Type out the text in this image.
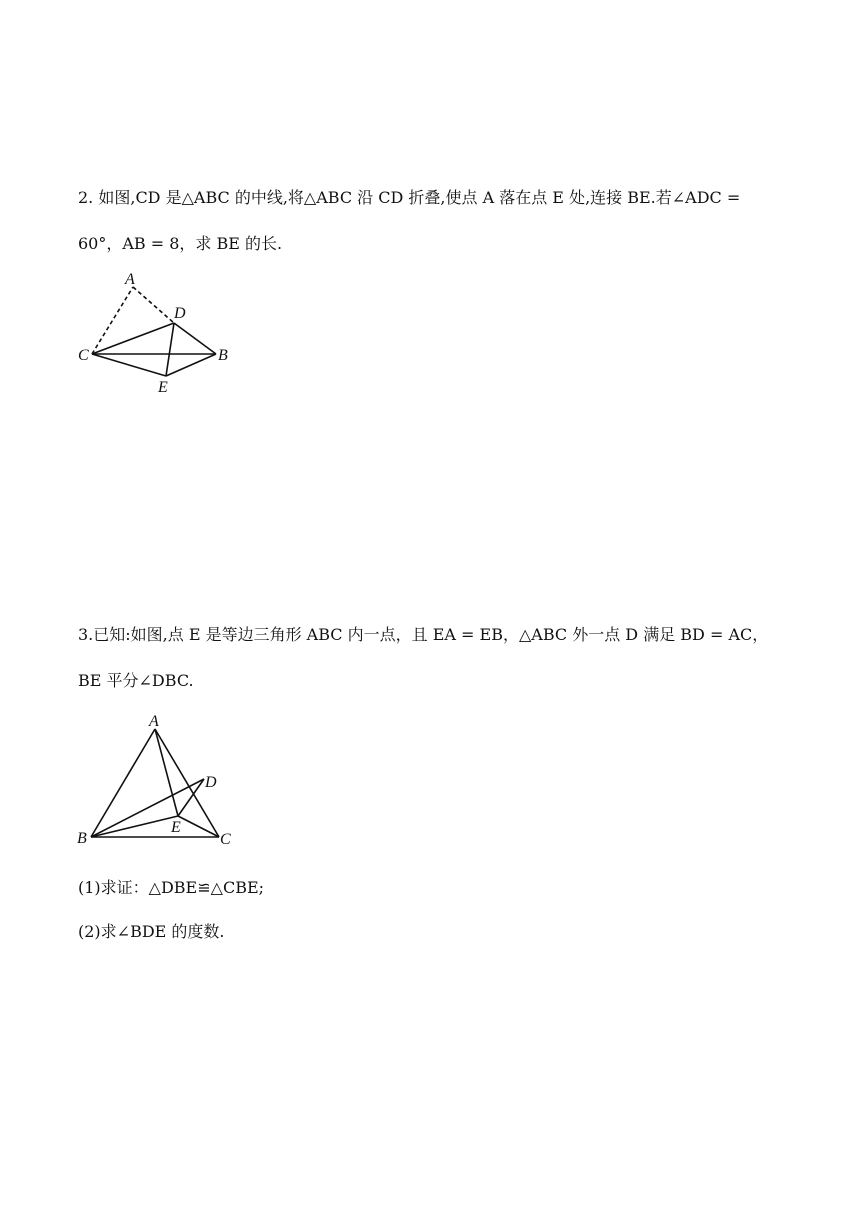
2. 如图,CD 是△ABC 的中线,将△ABC 沿 CD 折叠,使点 A 落在点 E 处,连接 BE.若∠ADC =
60°，AB = 8，求 BE 的长.
A
D
C	B
E
3.已知:如图,点 E 是等边三角形 ABC 内一点，且 EA = EB，△ABC 外一点 D 满足 BD = AC，
BE 平分∠DBC.
A
D
E
B	C
(1)求证：△DBE≌△CBE;
(2)求∠BDE 的度数.
